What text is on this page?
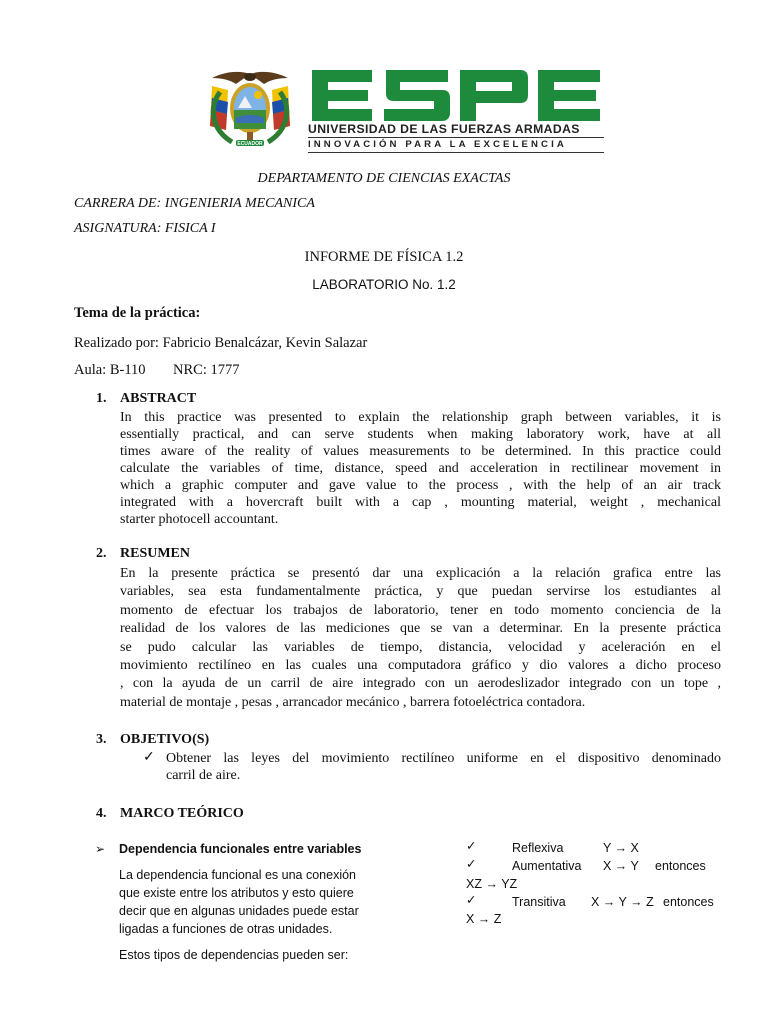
ECUADOR
ESPE
UNIVERSIDAD DE LAS FUERZAS ARMADAS
INNOVACIÓN PARA LA EXCELENCIA
DEPARTAMENTO DE CIENCIAS EXACTAS
CARRERA DE: INGENIERIA MECANICA
ASIGNATURA: FISICA I
INFORME DE FÍSICA 1.2
LABORATORIO No. 1.2
Tema de la práctica:
Realizado por: Fabricio Benalcázar, Kevin Salazar
Aula: B-110 NRC: 1777
1. ABSTRACT
In this practice was presented to explain the relationship graph between variables, it is
essentially practical, and can serve students when making laboratory work, have at all
times aware of the reality of values measurements to be determined. In this practice could
calculate the variables of time, distance, speed and acceleration in rectilinear movement in
which a graphic computer and gave value to the process , with the help of an air track
integrated with a hovercraft built with a cap , mounting material, weight , mechanical
starter photocell accountant.
2. RESUMEN
En la presente práctica se presentó dar una explicación a la relación grafica entre las
variables, sea esta fundamentalmente práctica, y que puedan servirse los estudiantes al
momento de efectuar los trabajos de laboratorio, tener en todo momento conciencia de la
realidad de los valores de las mediciones que se van a determinar. En la presente práctica
se pudo calcular las variables de tiempo, distancia, velocidad y aceleración en el
movimiento rectilíneo en las cuales una computadora gráfico y dio valores a dicho proceso
, con la ayuda de un carril de aire integrado con un aerodeslizador integrado con un tope ,
material de montaje , pesas , arrancador mecánico , barrera fotoeléctrica contadora.
3. OBJETIVO(S)
✓ Obtener las leyes del movimiento rectilíneo uniforme en el dispositivo denominado
carril de aire.
4. MARCO TEÓRICO
➢ Dependencia funcionales entre variables
La dependencia funcional es una conexión
que existe entre los atributos y esto quiere
decir que en algunas unidades puede estar
ligadas a funciones de otras unidades.
Estos tipos de dependencias pueden ser:
✓	Reflexiva	Y → X
✓	Aumentativa X → Y entonces
XZ → YZ
✓	Transitiva X → Y → Z entonces
X → Z
